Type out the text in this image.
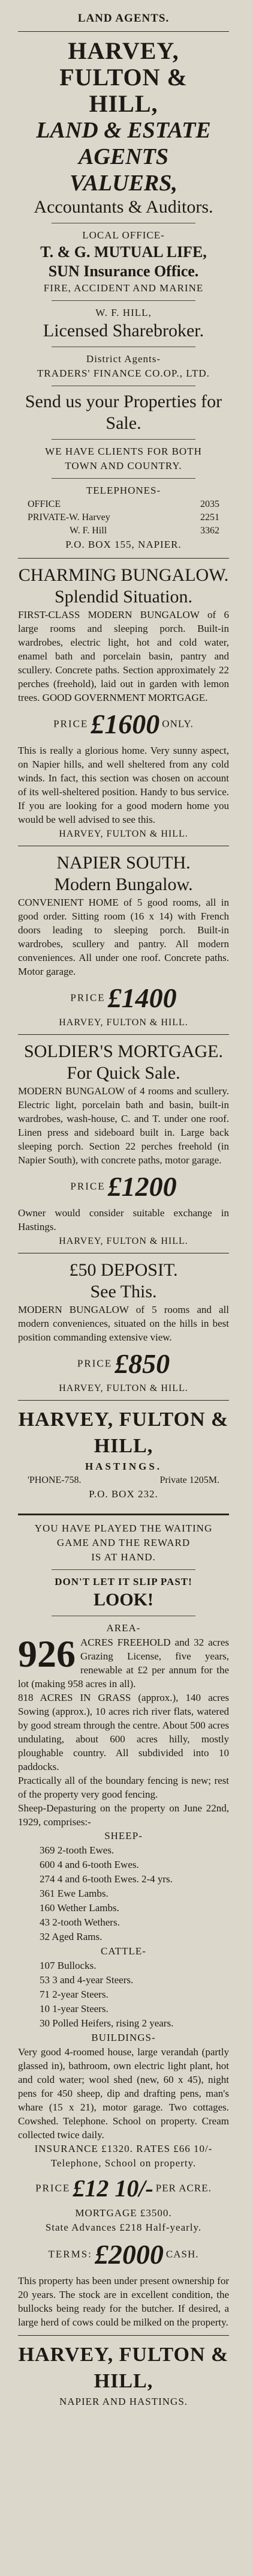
LAND AGENTS.
HARVEY, FULTON &
HILL,
LAND & ESTATE AGENTS
VALUERS,
Accountants & Auditors.
LOCAL OFFICE-
T. & G. MUTUAL LIFE,
SUN Insurance Office.
FIRE, ACCIDENT AND MARINE
W. F. HILL,
Licensed Sharebroker.
District Agents-
TRADERS' FINANCE CO.OP., LTD.
Send us your Properties for Sale.
WE HAVE CLIENTS FOR BOTH
TOWN AND COUNTRY.
TELEPHONES-
OFFICE	2035
PRIVATE-W. Harvey	2251
W. F. Hill	3362
P.O. BOX 155, NAPIER.
CHARMING BUNGALOW.
Splendid Situation.
FIRST-CLASS MODERN BUNGALOW of 6 large rooms and sleeping porch. Built-in wardrobes, electric light, hot and cold water, enamel bath and porcelain basin, pantry and scullery. Concrete paths. Section approximately 22 perches (freehold), laid out in garden with lemon trees. GOOD GOVERNMENT MORTGAGE.
PRICE £1600 ONLY.
This is really a glorious home. Very sunny aspect, on Napier hills, and well sheltered from any cold winds. In fact, this section was chosen on account of its well-sheltered position. Handy to bus service. If you are looking for a good modern home you would be well advised to see this.
HARVEY, FULTON & HILL.
NAPIER SOUTH.
Modern Bungalow.
CONVENIENT HOME of 5 good rooms, all in good order. Sitting room (16 x 14) with French doors leading to sleeping porch. Built-in wardrobes, scullery and pantry. All modern conveniences. All under one roof. Concrete paths. Motor garage.
PRICE £1400
HARVEY, FULTON & HILL.
SOLDIER'S MORTGAGE.
For Quick Sale.
MODERN BUNGALOW of 4 rooms and scullery. Electric light, porcelain bath and basin, built-in wardrobes, wash-house, C. and T. under one roof. Linen press and sideboard built in. Large back sleeping porch. Section 22 perches freehold (in Napier South), with concrete paths, motor garage.
PRICE £1200
Owner would consider suitable exchange in Hastings.
HARVEY, FULTON & HILL.
£50 DEPOSIT.
See This.
MODERN BUNGALOW of 5 rooms and all modern conveniences, situated on the hills in best position commanding extensive view.
PRICE £850
HARVEY, FULTON & HILL.
HARVEY, FULTON &
HILL,
HASTINGS.
'PHONE-758.	Private 1205M.
P.O. BOX 232.
YOU HAVE PLAYED THE WAITING
GAME AND THE REWARD
IS AT HAND.
DON'T LET IT SLIP PAST!
LOOK!
AREA-
926 ACRES FREEHOLD and 32 acres Grazing License, five years, renewable at £2 per annum for the lot (making 958 acres in all).
818 ACRES IN GRASS (approx.), 140 acres Sowing (approx.), 10 acres rich river flats, watered by good stream through the centre. About 500 acres undulating, about 600 acres hilly, mostly ploughable country. All subdivided into 10 paddocks.
Practically all of the boundary fencing is new; rest of the property very good fencing.
Sheep-Depasturing on the property on June 22nd, 1929, comprises:-
SHEEP-
369 2-tooth Ewes.
600 4 and 6-tooth Ewes.
274 4 and 6-tooth Ewes. 2-4 yrs.
361 Ewe Lambs.
160 Wether Lambs.
43 2-tooth Wethers.
32 Aged Rams.
CATTLE-
107 Bullocks.
53 3 and 4-year Steers.
71 2-year Steers.
10 1-year Steers.
30 Polled Heifers, rising 2 years.
BUILDINGS-
Very good 4-roomed house, large verandah (partly glassed in), bathroom, own electric light plant, hot and cold water; wool shed (new, 60 x 45), night pens for 450 sheep, dip and drafting pens, man's whare (15 x 21), motor garage. Two cottages. Cowshed. Telephone. School on property. Cream collected twice daily.
INSURANCE £1320. RATES £66 10/-
Telephone, School on property.
PRICE £12 10/- PER ACRE.
MORTGAGE £3500.
State Advances £218 Half-yearly.
TERMS: £2000 CASH.
This property has been under present ownership for 20 years. The stock are in excellent condition, the bullocks being ready for the butcher. If desired, a large herd of cows could be milked on the property.
HARVEY, FULTON &
HILL,
NAPIER AND HASTINGS.
